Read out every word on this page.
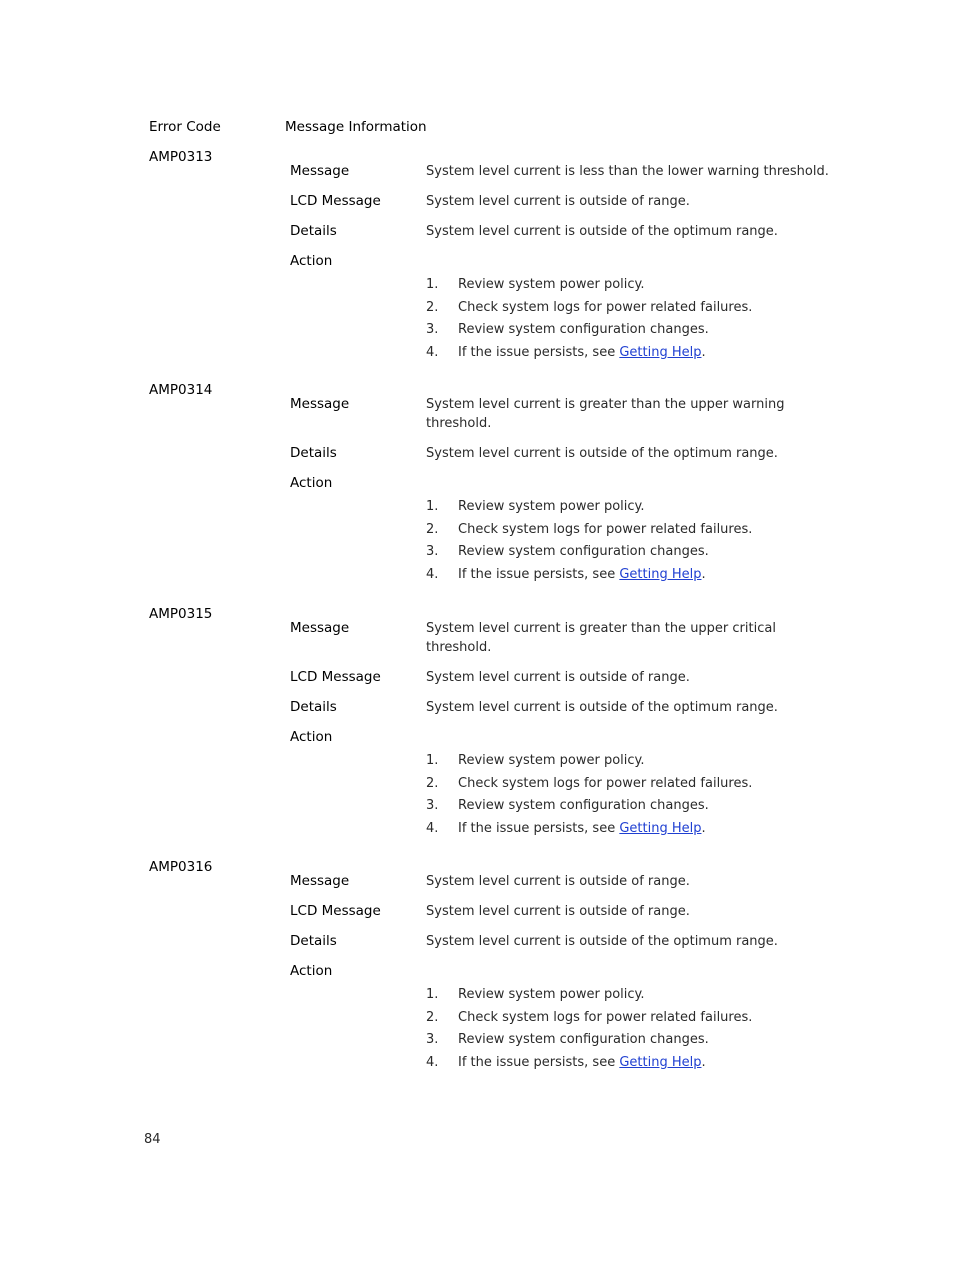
Error Code	Message Information
AMP0313
Message	System level current is less than the lower warning threshold.
LCD Message	System level current is outside of range.
Details	System level current is outside of the optimum range.
Action
1.	Review system power policy.
2.	Check system logs for power related failures.
3.	Review system configuration changes.
4.	If the issue persists, see Getting Help.
AMP0314
Message	System level current is greater than the upper warning threshold.
Details	System level current is outside of the optimum range.
Action
1.	Review system power policy.
2.	Check system logs for power related failures.
3.	Review system configuration changes.
4.	If the issue persists, see Getting Help.
AMP0315
Message	System level current is greater than the upper critical threshold.
LCD Message	System level current is outside of range.
Details	System level current is outside of the optimum range.
Action
1.	Review system power policy.
2.	Check system logs for power related failures.
3.	Review system configuration changes.
4.	If the issue persists, see Getting Help.
AMP0316
Message	System level current is outside of range.
LCD Message	System level current is outside of range.
Details	System level current is outside of the optimum range.
Action
1.	Review system power policy.
2.	Check system logs for power related failures.
3.	Review system configuration changes.
4.	If the issue persists, see Getting Help.
84
